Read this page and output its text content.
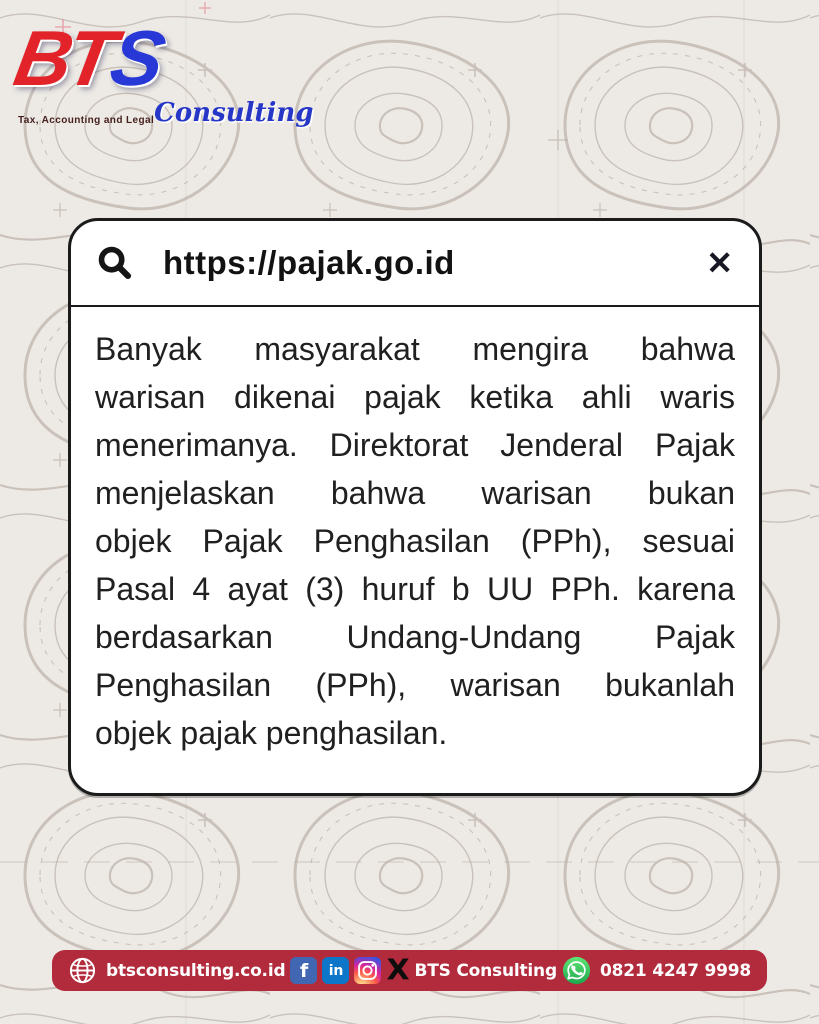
BTS
Tax, Accounting and Legal Consulting
https://pajak.go.id	✕
Banyak masyarakat mengira bahwa
warisan dikenai pajak ketika ahli waris
menerimanya. Direktorat Jenderal Pajak
menjelaskan bahwa warisan bukan
objek Pajak Penghasilan (PPh), sesuai
Pasal 4 ayat (3) huruf b UU PPh. karena
berdasarkan Undang-Undang Pajak
Penghasilan (PPh), warisan bukanlah
objek pajak penghasilan.
btsconsulting.co.id f in X BTS Consulting	0821 4247 9998
